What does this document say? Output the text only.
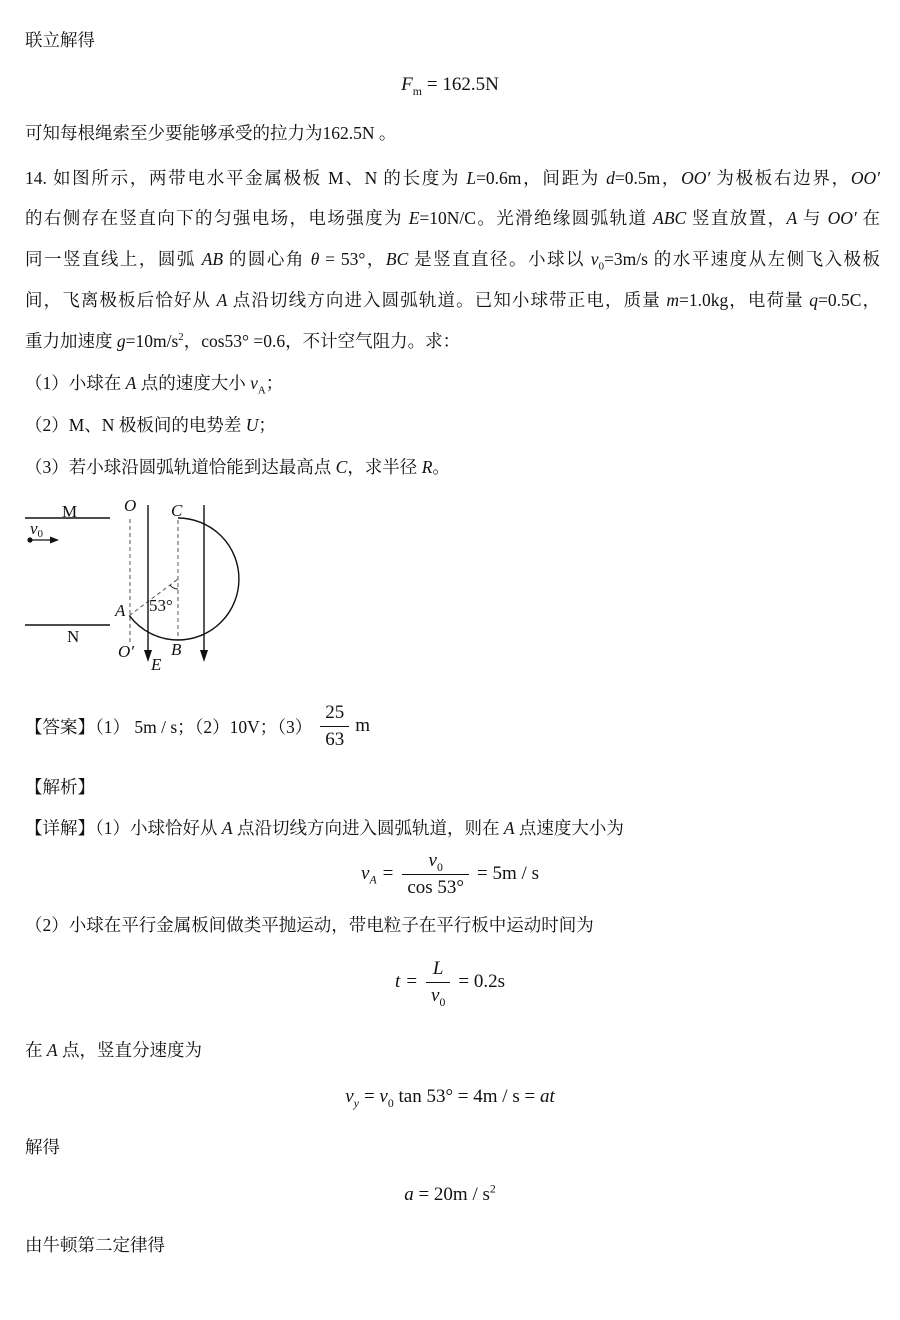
联立解得
$F_m = 162.5N$
可知每根绳索至少要能够承受的拉力为162.5N 。
14. 如图所示，两带电水平金属极板 M、N 的长度为 L=0.6m，间距为 d=0.5m，OO′ 为极板右边界，OO′
的右侧存在竖直向下的匀强电场，电场强度为 E=10N/C。光滑绝缘圆弧轨道 ABC 竖直放置，A 与 OO′ 在
同一竖直线上，圆弧 AB 的圆心角 θ = 53°，BC 是竖直直径。小球以 $v_0=3m/s$ 的水平速度从左侧飞入极板
间，飞离极板后恰好从 A 点沿切线方向进入圆弧轨道。已知小球带正电，质量 m=1.0kg，电荷量 q=0.5C，
重力加速度 $g=10m/s^2$，cos53° =0.6，不计空气阻力。求：
（1）小球在 A 点的速度大小 $v_A$；
（2）M、N 极板间的电势差 U；
（3）若小球沿圆弧轨道恰能到达最高点 C，求半径 R。
M
N
v0
O
O′
C
A
B
E
53°
【答案】（1） 5m / s；（2）10V；$(3) \frac{25}{63}$ m
【解析】
【详解】（1）小球恰好从 A 点沿切线方向进入圆弧轨道，则在 A 点速度大小为
$v_A = \frac{v_0}{\cos 53^\circ} = 5m / s$
（2）小球在平行金属板间做类平抛运动，带电粒子在平行板中运动时间为
$t = \frac{L}{v_0} = 0.2s$
在 A 点，竖直分速度为
$v_y = v_0$ tan 53° = 4m / s = at
解得
$a = 20m / s^2$
由牛顿第二定律得
